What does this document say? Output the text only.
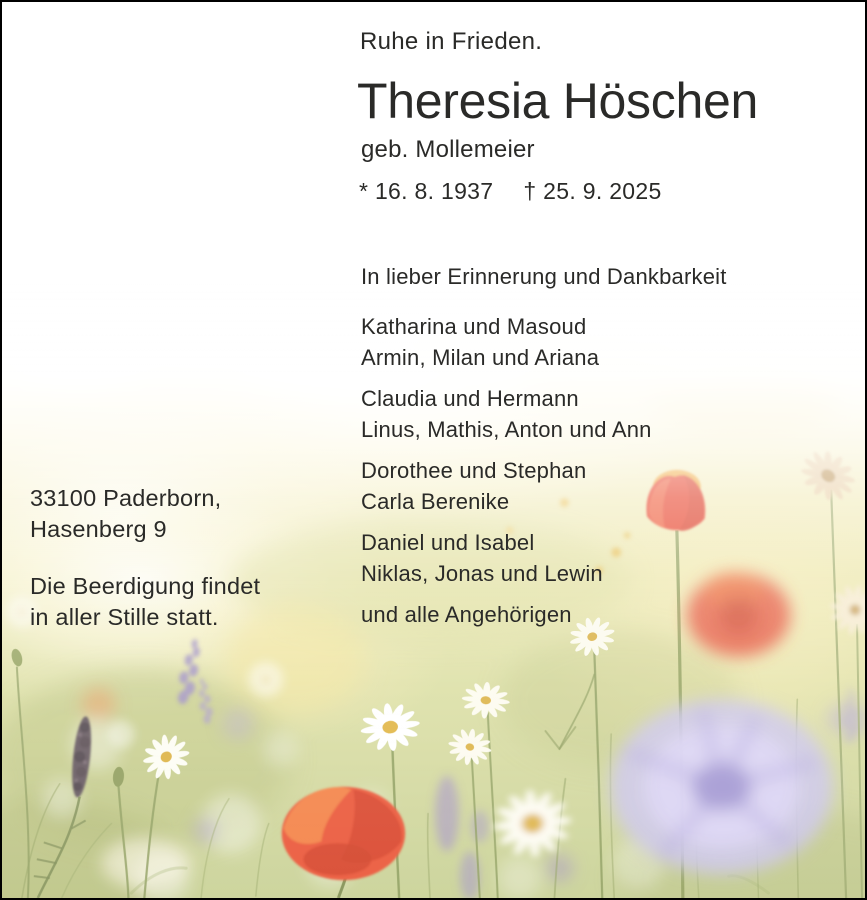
Ruhe in Frieden.
Theresia Höschen
geb. Mollemeier
* 16. 8. 1937 † 25. 9. 2025
In lieber Erinnerung und Dankbarkeit
Katharina und Masoud
Armin, Milan und Ariana
Claudia und Hermann
Linus, Mathis, Anton und Ann
Dorothee und Stephan
Carla Berenike
Daniel und Isabel
Niklas, Jonas und Lewin
und alle Angehörigen
33100 Paderborn,
Hasenberg 9
Die Beerdigung findet
in aller Stille statt.
